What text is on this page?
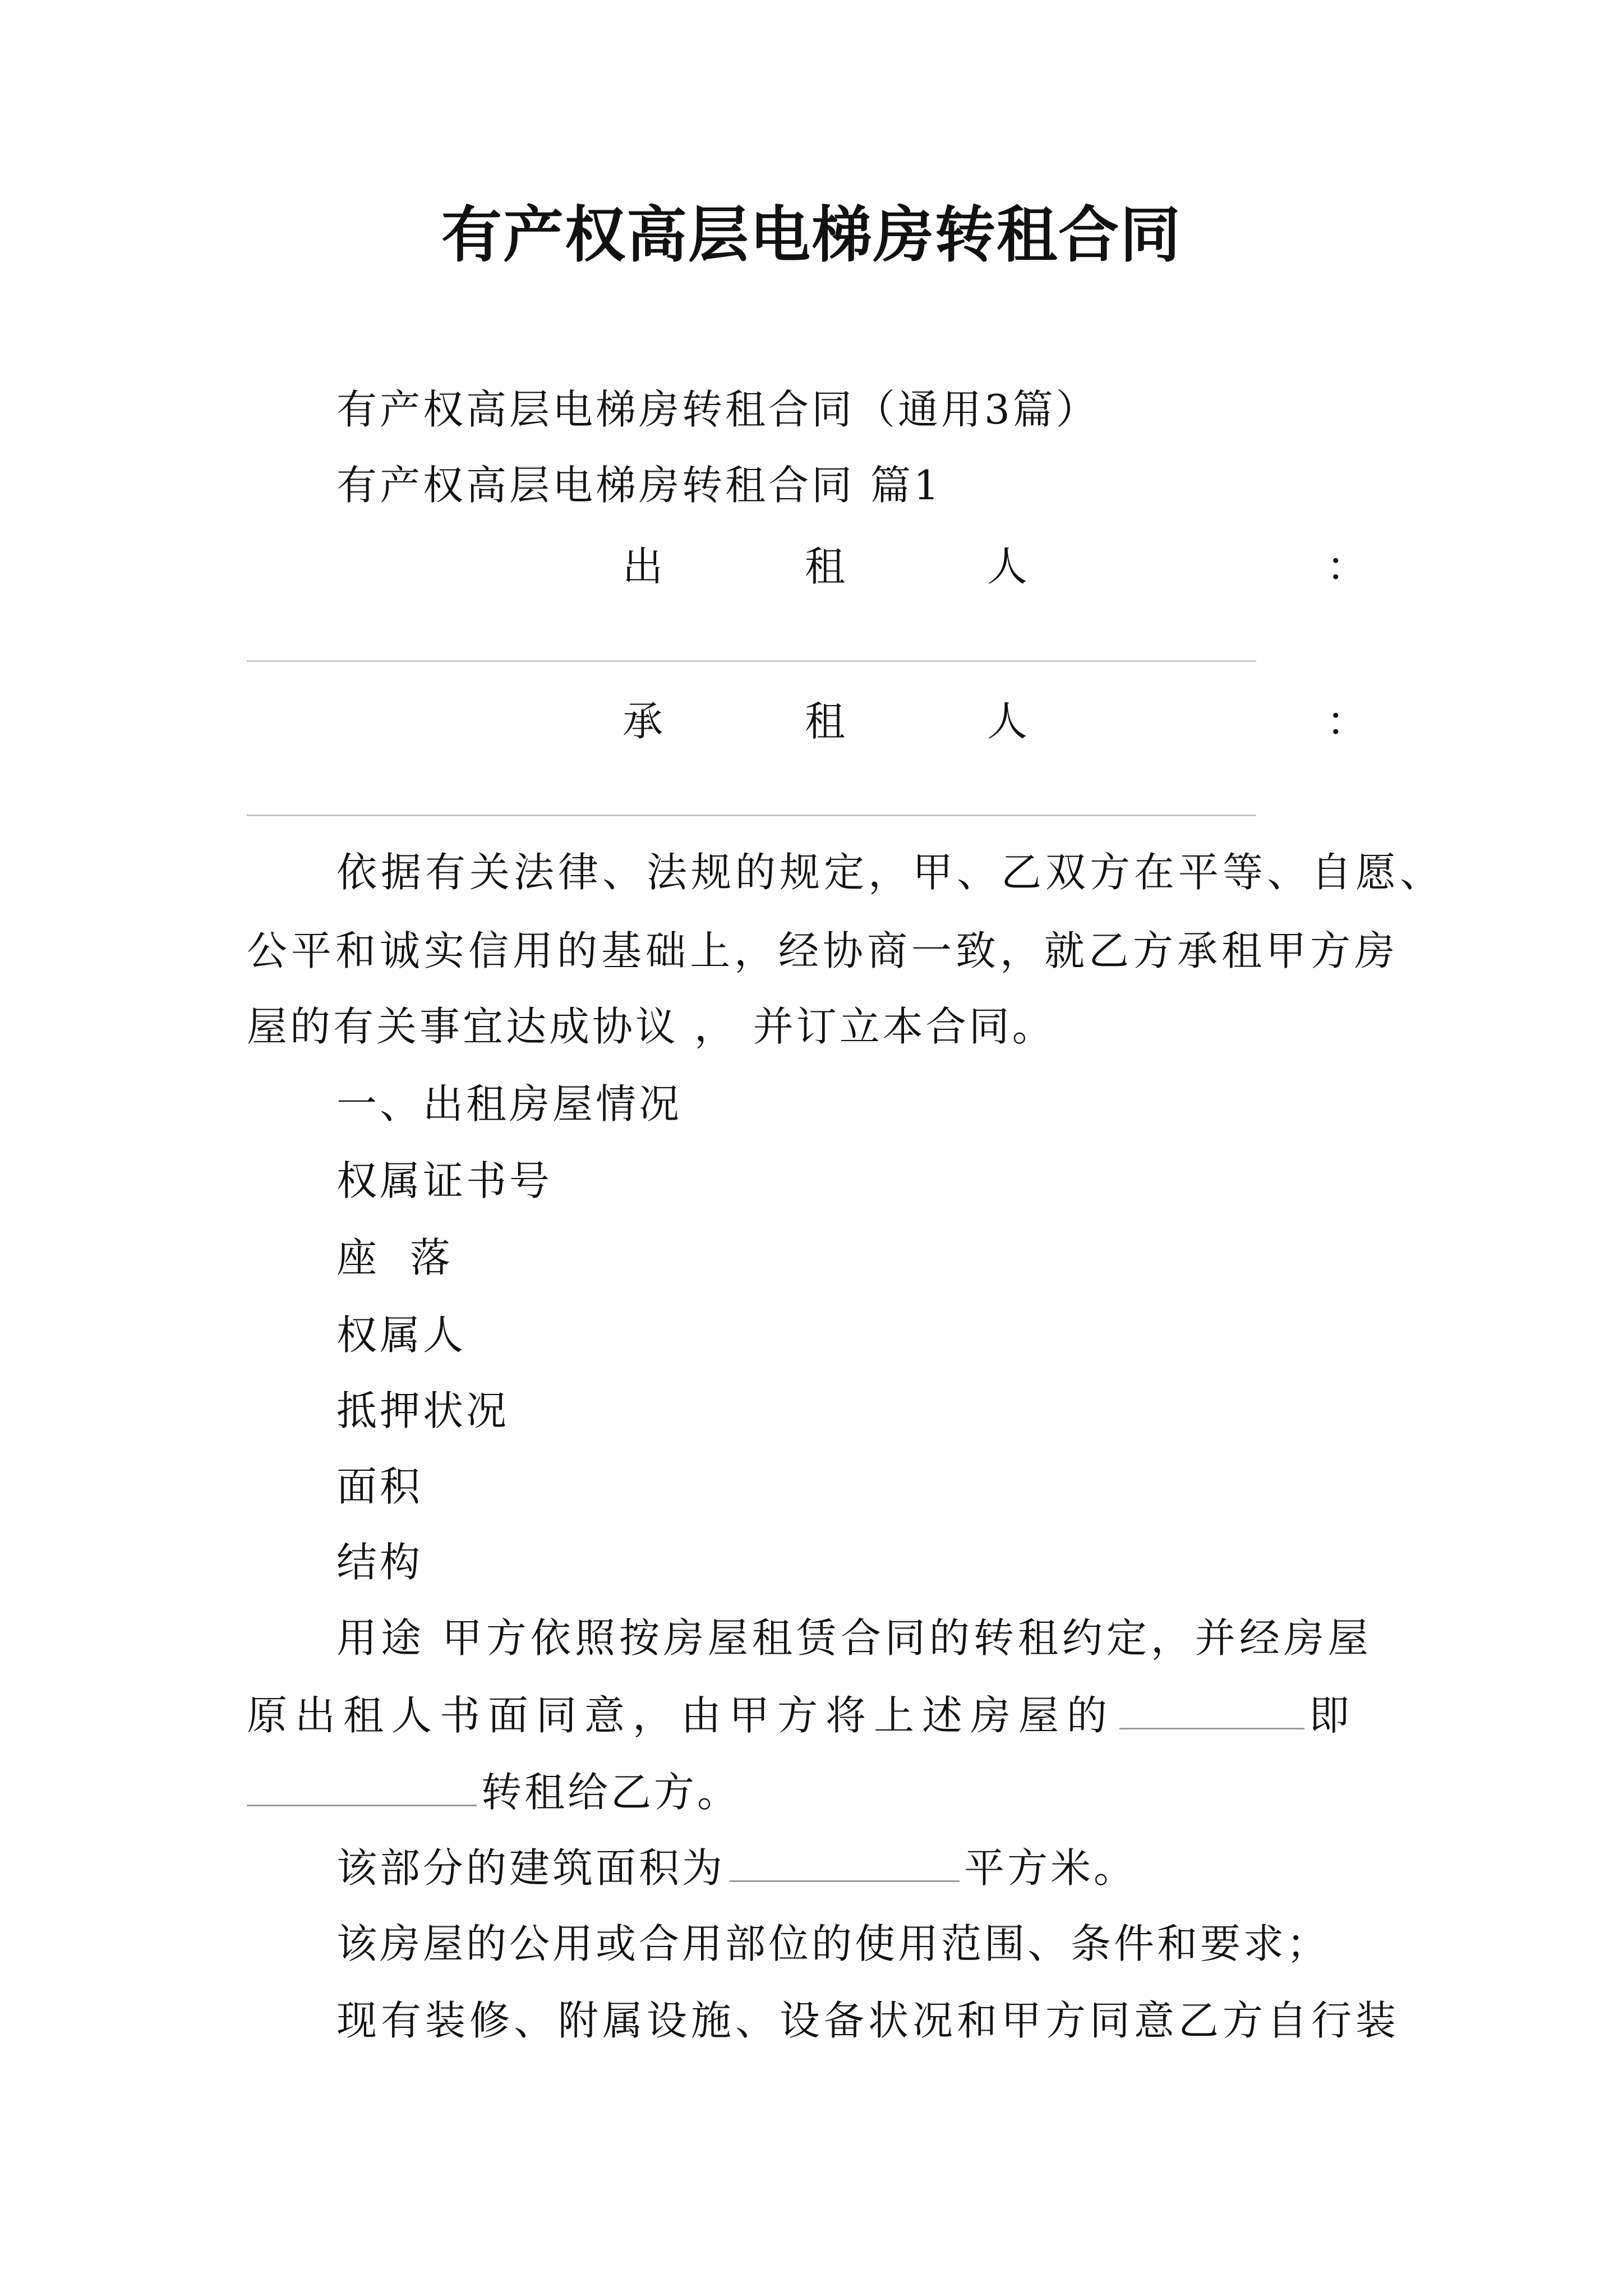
有产权高层电梯房转租合同
有产权高层电梯房转租合同（通用3篇）
有产权高层电梯房转租合同 篇1
出	租	人	：
承	租	人	：
依据有关法律、法规的规定，甲、乙双方在平等、自愿、
公平和诚实信用的基础上，经协商一致，就乙方承租甲方房
屋的有关事宜达成协议 ， 并订立本合同。
一、出租房屋情况
权属证书号
座 落
权属人
抵押状况
面积
结构
用途 甲方依照按房屋租赁合同的转租约定，并经房屋
原出租人书面同意，由甲方将上述房屋的	即
转租给乙方。
该部分的建筑面积为	平方米。
该房屋的公用或合用部位的使用范围、条件和要求；
现有装修、附属设施、设备状况和甲方同意乙方自行装
